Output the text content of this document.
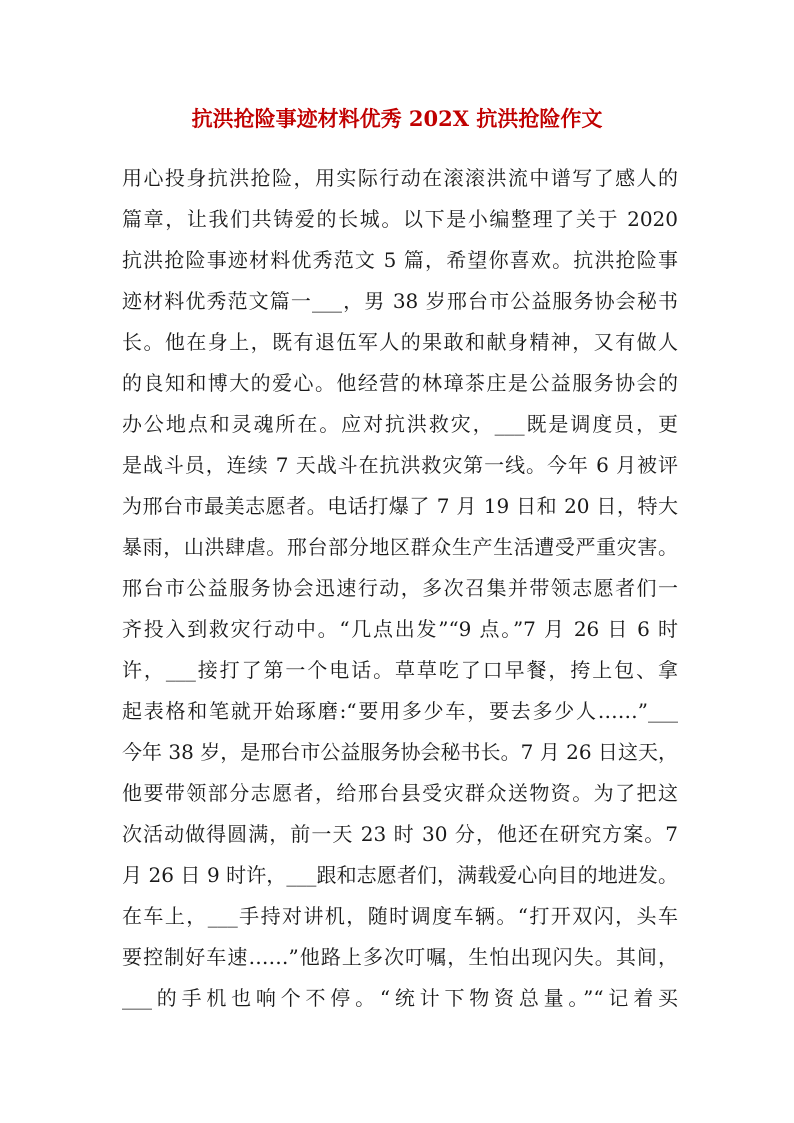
抗洪抢险事迹材料优秀 202X 抗洪抢险作文
用心投身抗洪抢险，用实际行动在滚滚洪流中谱写了感人的
篇章，让我们共铸爱的长城。以下是小编整理了关于 2020
抗洪抢险事迹材料优秀范文 5 篇，希望你喜欢。抗洪抢险事
迹材料优秀范文篇一___，男 38 岁邢台市公益服务协会秘书
长。他在身上，既有退伍军人的果敢和献身精神，又有做人
的良知和博大的爱心。他经营的林璋茶庄是公益服务协会的
办公地点和灵魂所在。应对抗洪救灾，___既是调度员，更
是战斗员，连续 7 天战斗在抗洪救灾第一线。今年 6 月被评
为邢台市最美志愿者。电话打爆了 7 月 19 日和 20 日，特大
暴雨，山洪肆虐。邢台部分地区群众生产生活遭受严重灾害。
邢台市公益服务协会迅速行动，多次召集并带领志愿者们一
齐投入到救灾行动中。“几点出发”“9 点。”7 月 26 日 6 时
许，___接打了第一个电话。草草吃了口早餐，挎上包、拿
起表格和笔就开始琢磨:“要用多少车，要去多少人……”___
今年 38 岁，是邢台市公益服务协会秘书长。7 月 26 日这天，
他要带领部分志愿者，给邢台县受灾群众送物资。为了把这
次活动做得圆满，前一天 23 时 30 分，他还在研究方案。7
月 26 日 9 时许，___跟和志愿者们，满载爱心向目的地进发。
在车上，___手持对讲机，随时调度车辆。“打开双闪，头车
要控制好车速……”他路上多次叮嘱，生怕出现闪失。其间，
___的手机也响个不停。“统计下物资总量。”“记着买
